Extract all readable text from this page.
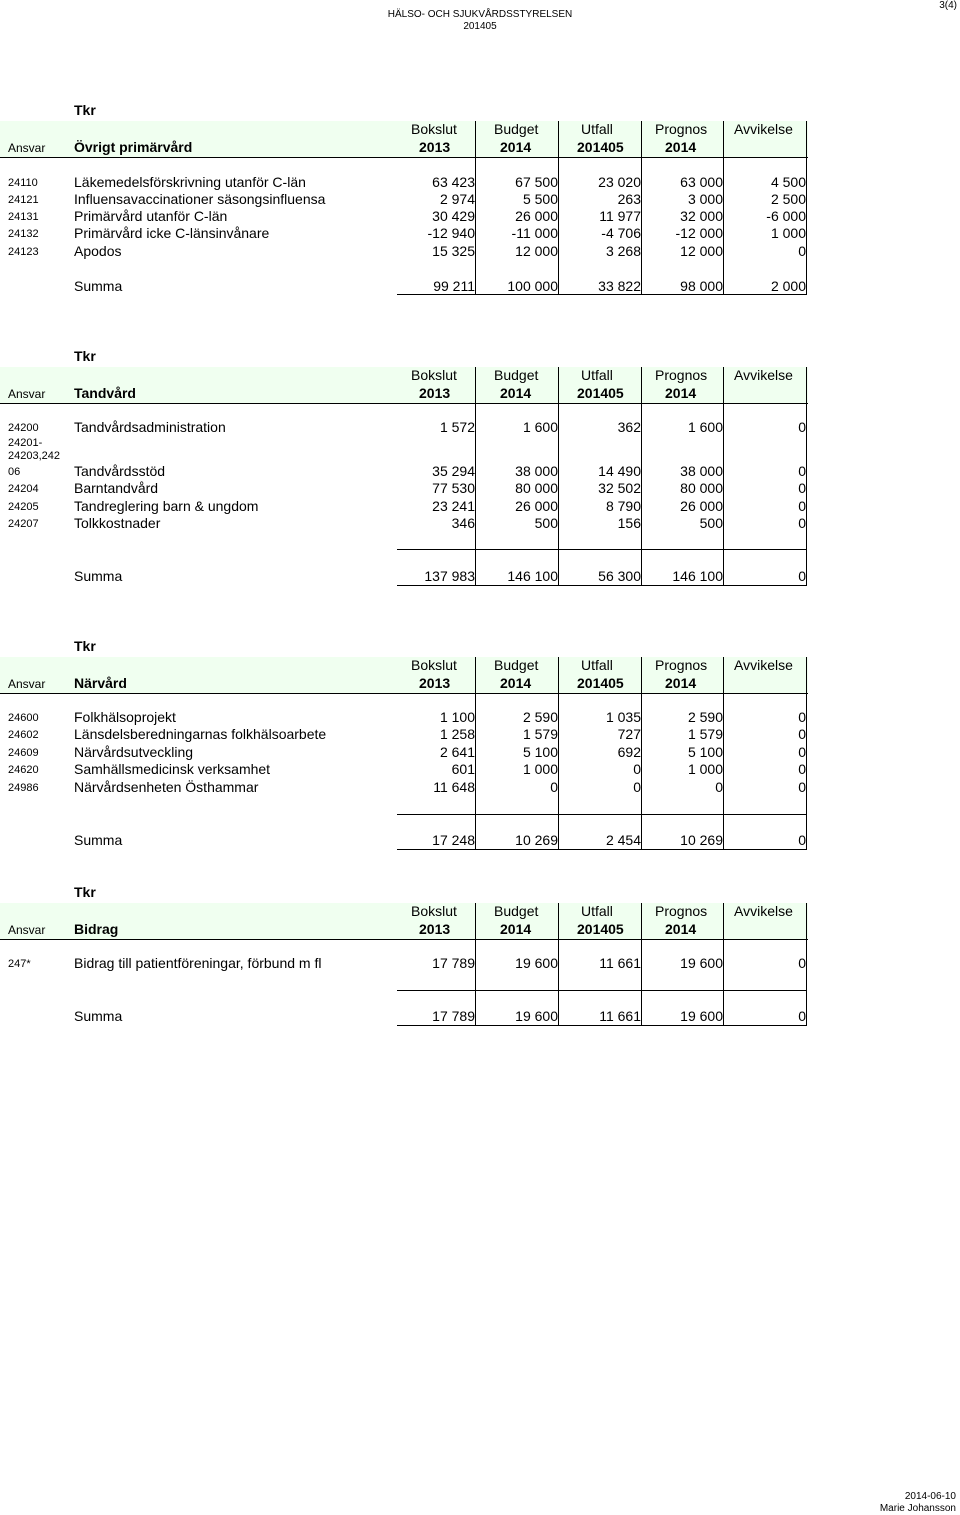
HÄLSO- OCH SJUKVÅRDSSTYRELSEN
201405
3(4)
Tkr
Bokslut	Budget	Utfall	Prognos Avvikelse
Ansvar Övrigt primärvård	2013	2014	201405	2014
24110	Läkemedelsförskrivning utanför C-län	63 423	67 500	23 020	63 000	4 500
24121	Influensavaccinationer säsongsinfluensa	2 974	5 500	263	3 000	2 500
24131	Primärvård utanför C-län	30 429	26 000	11 977	32 000	-6 000
24132	Primärvård icke C-länsinvånare	-12 940	-11 000	-4 706	-12 000	1 000
24123	Apodos	15 325	12 000	3 268	12 000	0
Summa	99 211	100 000	33 822	98 000	2 000
Tkr
Bokslut	Budget	Utfall	Prognos Avvikelse
Ansvar Tandvård	2013	2014	201405	2014
24200	Tandvårdsadministration	1 572	1 600	362	1 600	0
24201-
24203,242
06	Tandvårdsstöd	35 294	38 000	14 490	38 000	0
24204	Barntandvård	77 530	80 000	32 502	80 000	0
24205	Tandreglering barn & ungdom	23 241	26 000	8 790	26 000	0
24207	Tolkkostnader	346	500	156	500	0
Summa	137 983	146 100	56 300	146 100	0
Tkr
Bokslut	Budget	Utfall	Prognos Avvikelse
Ansvar Närvård	2013	2014	201405	2014
24600	Folkhälsoprojekt	1 100	2 590	1 035	2 590	0
24602	Länsdelsberedningarnas folkhälsoarbete	1 258	1 579	727	1 579	0
24609	Närvårdsutveckling	2 641	5 100	692	5 100	0
24620	Samhällsmedicinsk verksamhet	601	1 000	0	1 000	0
24986	Närvårdsenheten Östhammar	11 648	0	0	0	0
Summa	17 248	10 269	2 454	10 269	0
Tkr
Bokslut	Budget	Utfall	Prognos Avvikelse
Ansvar Bidrag	2013	2014	201405	2014
247*	Bidrag till patientföreningar, förbund m fl	17 789	19 600	11 661	19 600	0
Summa	17 789	19 600	11 661	19 600	0
2014-06-10
Marie Johansson
